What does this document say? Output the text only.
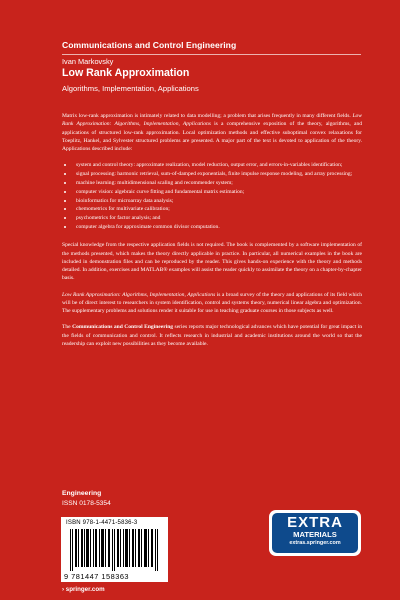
Communications and Control Engineering
Ivan Markovsky
Low Rank Approximation
Algorithms, Implementation, Applications

Matrix low-rank approximation is intimately related to data modelling; a problem that arises frequently in many different fields. Low Rank Approximation: Algorithms, Implementation, Applications is a comprehensive exposition of the theory, algorithms, and applications of structured low-rank approximation. Local optimization methods and effective suboptimal convex relaxations for Toeplitz, Hankel, and Sylvester structured problems are presented. A major part of the text is devoted to application of the theory. Applications described include:

system and control theory: approximate realization, model reduction, output error, and errors-in-variables identification;
signal processing: harmonic retrieval, sum-of-damped exponentials, finite impulse response modeling, and array processing;
machine learning: multidimensional scaling and recommender system;
computer vision: algebraic curve fitting and fundamental matrix estimation;
bioinformatics for microarray data analysis;
chemometrics for multivariate calibration;
psychometrics for factor analysis; and
computer algebra for approximate common divisor computation.

Special knowledge from the respective application fields is not required. The book is complemented by a software implementation of the methods presented, which makes the theory directly applicable in practice. In particular, all numerical examples in the book are included in demonstration files and can be reproduced by the reader. This gives hands-on experience with the theory and methods detailed. In addition, exercises and MATLAB® examples will assist the reader quickly to assimilate the theory on a chapter-by-chapter basis.

Low Rank Approximation: Algorithms, Implementation, Applications is a broad survey of the theory and applications of its field which will be of direct interest to researchers in system identification, control and systems theory, numerical linear algebra and optimization. The supplementary problems and solutions render it suitable for use in teaching graduate courses in those subjects as well.

The Communications and Control Engineering series reports major technological advances which have potential for great impact in the fields of communication and control. It reflects research in industrial and academic institutions around the world so that the readership can exploit new possibilities as they become available.

Engineering
ISSN 0178-5354
ISBN 978-1-4471-5836-3
9 781447 158363
› springer.com
EXTRA
MATERIALS
extras.springer.com
